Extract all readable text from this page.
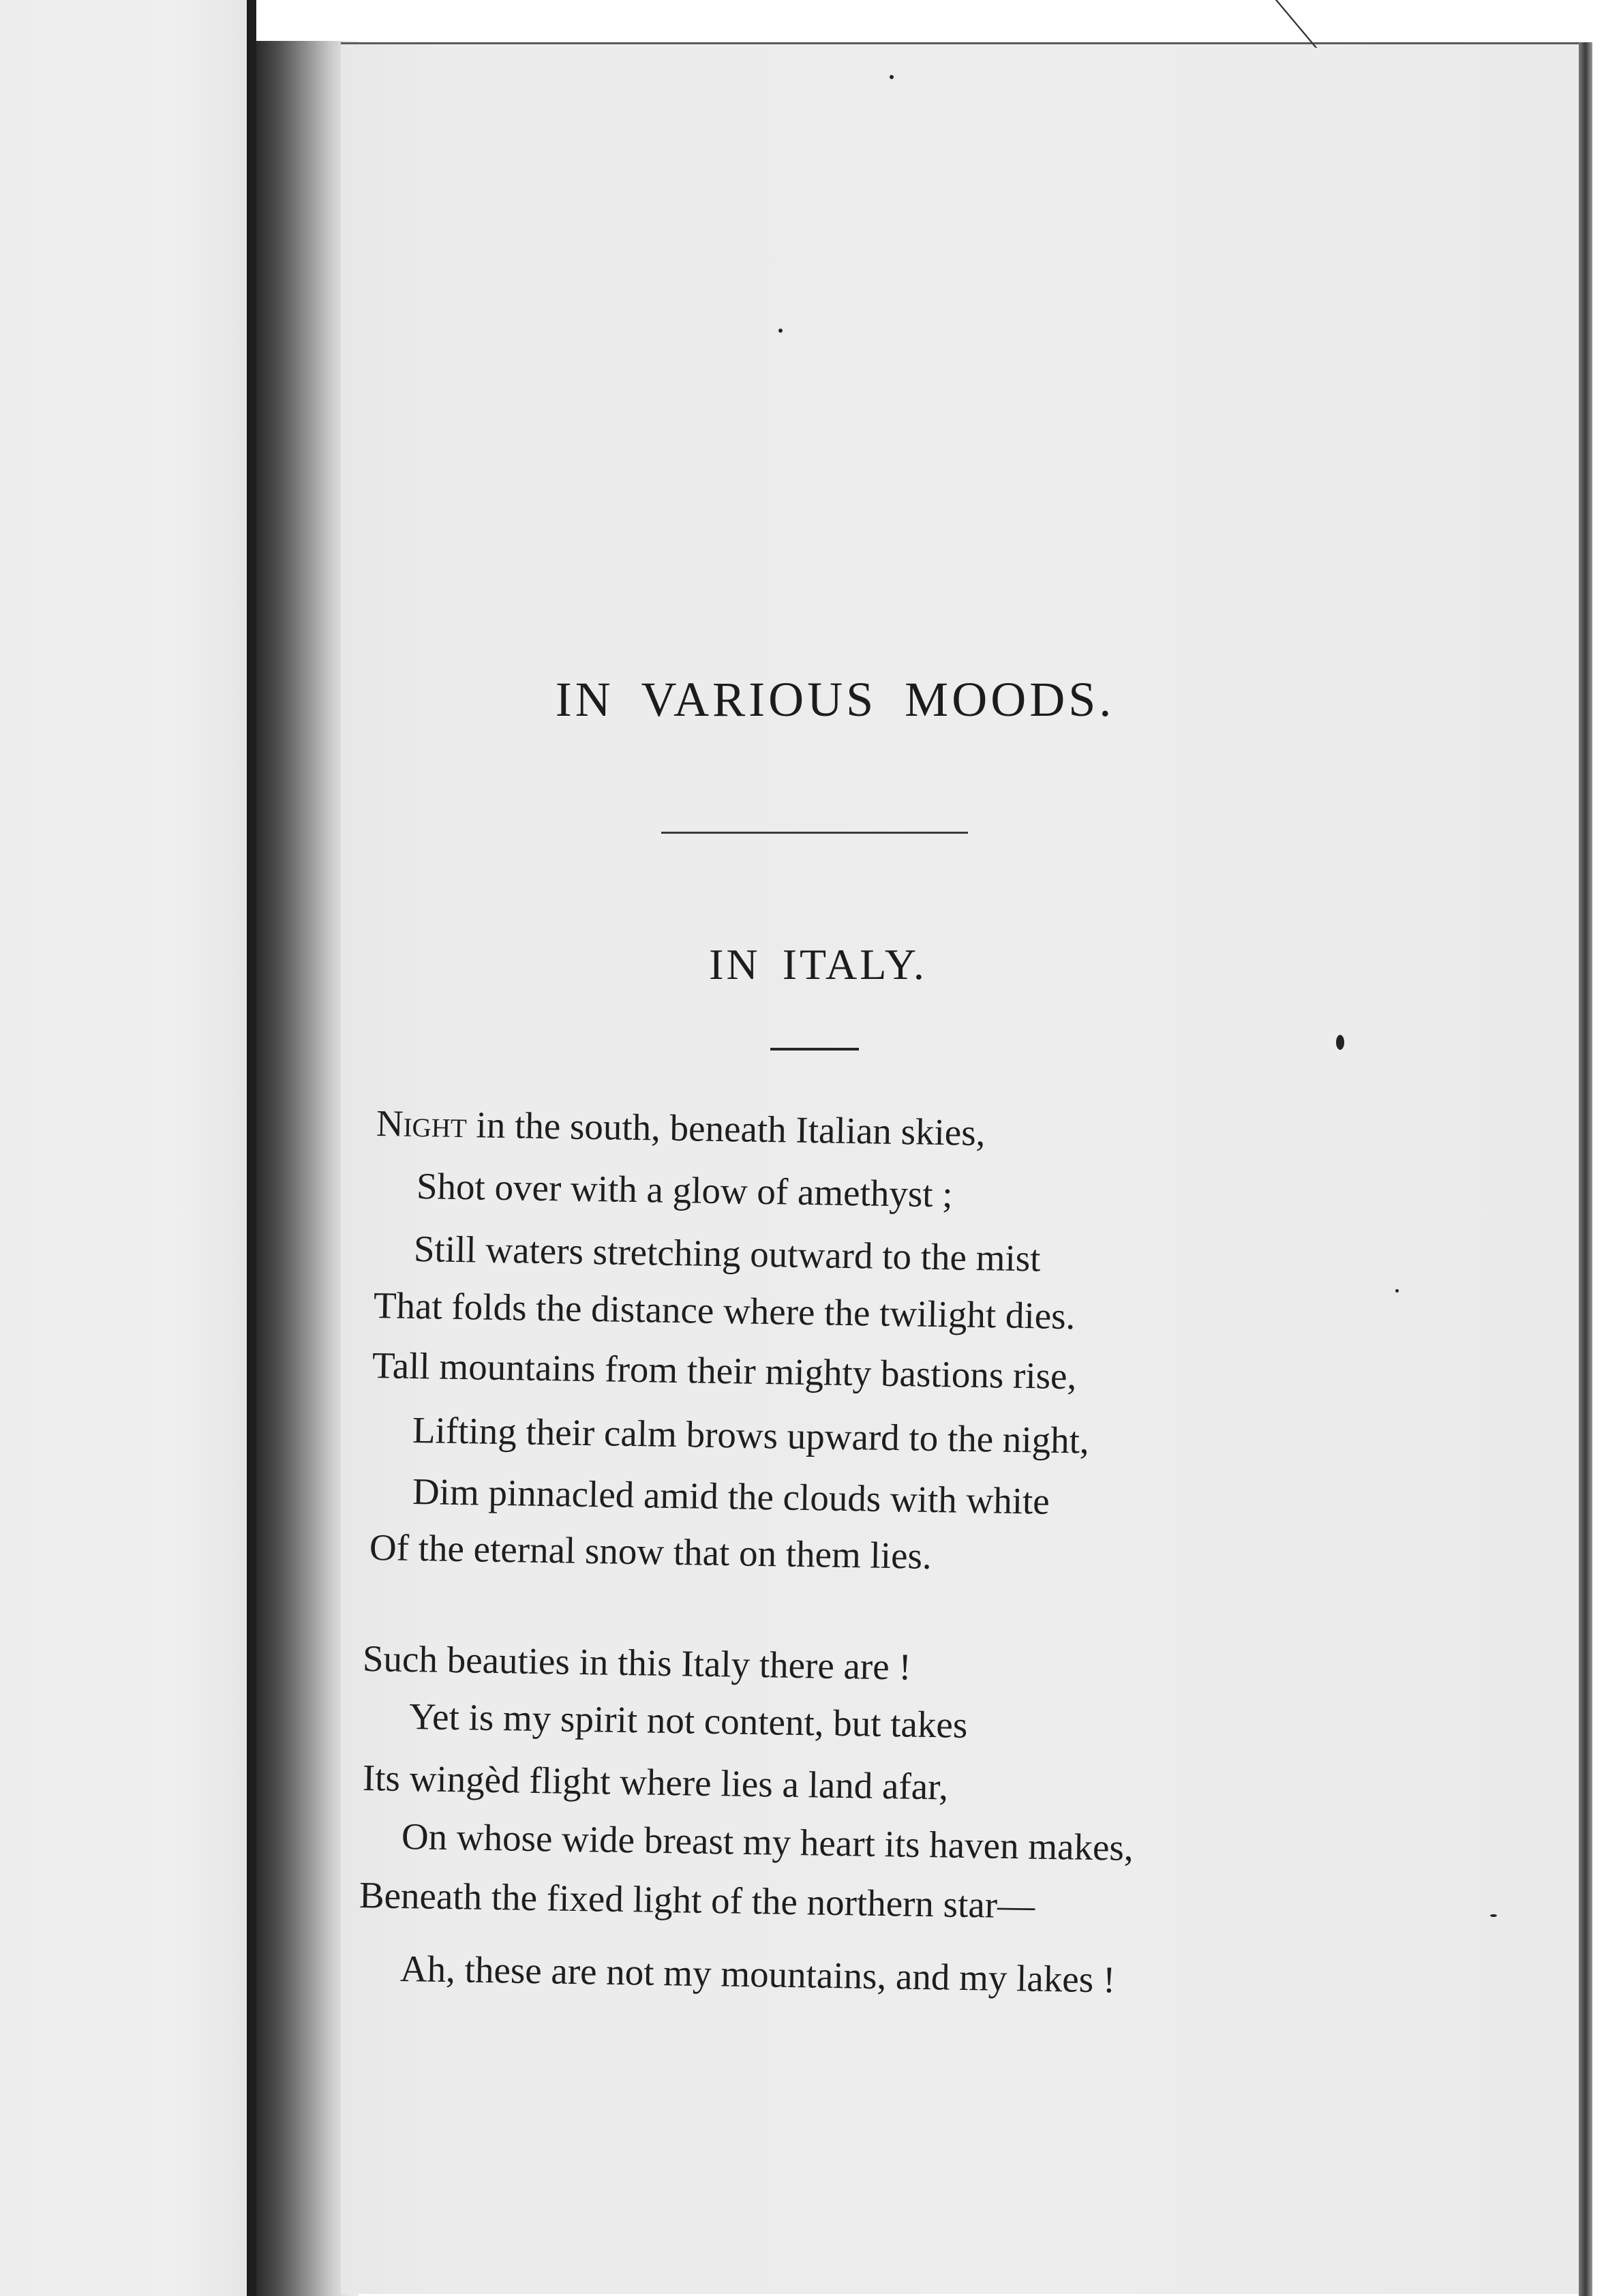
IN VARIOUS MOODS.
IN ITALY.
Night in the south, beneath Italian skies,
Shot over with a glow of amethyst ;
Still waters stretching outward to the mist
That folds the distance where the twilight dies.
Tall mountains from their mighty bastions rise,
Lifting their calm brows upward to the night,
Dim pinnacled amid the clouds with white
Of the eternal snow that on them lies.
Such beauties in this Italy there are !
Yet is my spirit not content, but takes
Its wingèd flight where lies a land afar,
On whose wide breast my heart its haven makes,
Beneath the fixed light of the northern star—
Ah, these are not my mountains, and my lakes !
